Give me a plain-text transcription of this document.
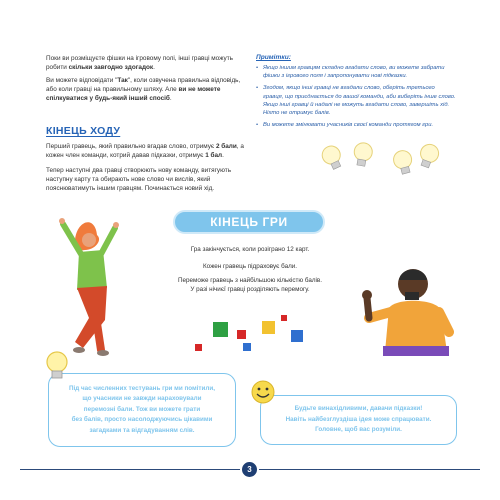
Поки ви розміщуєте фішки на ігровому полі, інші гравці можуть робити скільки завгодно здогадок.
Ви можете відповідати "Так", коли озвучена правильна відповідь, або коли гравці на правильному шляху. Але ви не можете спілкуватися у будь-який інший спосіб.
Примітки:
• Якщо іншим гравцям складно вгадати слово, ви можете забрати фішки з ігрового поля і запропонувати нові підказки.
• Згодом, якщо інші гравці не вгадали слово, оберіть третього гравця, що приєднається до вашої команди, аби виберіть інше слово. Якщо інші гравці й надалі не можуть вгадати слово, завершіть хід. Ніхто не отримує балів.
• Ви можете змінювати учасників своєї команди протягом гри.
КІНЕЦЬ ХОДУ
Перший гравець, який правильно вгадав слово, отримує 2 бали, а кожен член команди, котрий давав підказки, отримує 1 бал.
Тепер наступні два гравці створюють нову команду, витягують наступну карту та обирають нове слово чи вислів, який пояснюватимуть іншим гравцям. Починається новий хід.
КІНЕЦЬ ГРИ
Гра закінчується, коли розіграно 12 карт.
Кожен гравець підраховує бали.
Переможе гравець з найбільшою кількістю балів.
У разі нічиєї гравці розділяють перемогу.
Під час численних тестувань гри ми помітили,
що учасники не завжди нараховували
перемозні бали. Тож ви можете грати
без балів, просто насолоджуючись цікавими
загадками та відгадуванням слів.
Будьте винахідливими, давачи підказки!
Навіть найбезглуздіша ідея може спрацювати.
Головне, щоб вас розуміли.
3
